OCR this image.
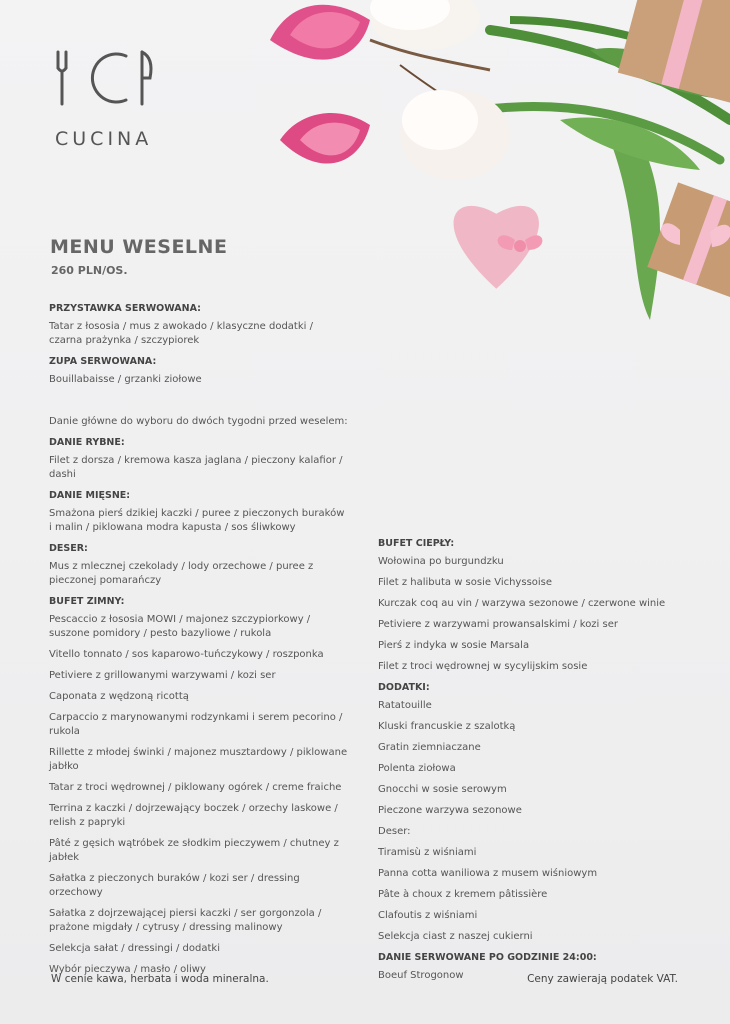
CUCINA
MENU WESELNE
260 PLN/OS.
PRZYSTAWKA SERWOWANA:
Tatar z łososia / mus z awokado / klasyczne dodatki / czarna prażynka / szczypiorek
ZUPA SERWOWANA:
Bouillabaisse / grzanki ziołowe
Danie główne do wyboru do dwóch tygodni przed weselem:
DANIE RYBNE:
Filet z dorsza / kremowa kasza jaglana / pieczony kalafior / dashi
DANIE MIĘSNE:
Smażona pierś dzikiej kaczki / puree z pieczonych buraków i malin / piklowana modra kapusta / sos śliwkowy
DESER:
Mus z mlecznej czekolady / lody orzechowe / puree z pieczonej pomarańczy
BUFET ZIMNY:
Pescaccio z łososia MOWI / majonez szczypiorkowy / suszone pomidory / pesto bazyliowe / rukola
Vitello tonnato / sos kaparowo-tuńczykowy / roszponka
Petiviere z grillowanymi warzywami / kozi ser
Caponata z wędzoną ricottą
Carpaccio z marynowanymi rodzynkami i serem pecorino / rukola
Rillette z młodej świnki / majonez musztardowy / piklowane jabłko
Tatar z troci wędrownej / piklowany ogórek / creme fraiche
Terrina z kaczki / dojrzewający boczek / orzechy laskowe / relish z papryki
Pâté z gęsich wątróbek ze słodkim pieczywem / chutney z jabłek
Sałatka z pieczonych buraków / kozi ser / dressing orzechowy
Sałatka z dojrzewającej piersi kaczki / ser gorgonzola / prażone migdały / cytrusy / dressing malinowy
Selekcja sałat / dressingi / dodatki
Wybór pieczywa / masło / oliwy
BUFET CIEPŁY:
Wołowina po burgundzku
Filet z halibuta w sosie Vichyssoise
Kurczak coq au vin / warzywa sezonowe / czerwone winie
Petiviere z warzywami prowansalskimi / kozi ser
Pierś z indyka w sosie Marsala
Filet z troci wędrownej w sycylijskim sosie
DODATKI:
Ratatouille
Kluski francuskie z szalotką
Gratin ziemniaczane
Polenta ziołowa
Gnocchi w sosie serowym
Pieczone warzywa sezonowe
Deser:
Tiramisù z wiśniami
Panna cotta waniliowa z musem wiśniowym
Pâte à choux z kremem pâtissière
Clafoutis z wiśniami
Selekcja ciast z naszej cukierni
DANIE SERWOWANE PO GODZINIE 24:00:
Boeuf Strogonow
W cenie kawa, herbata i woda mineralna.	Ceny zawierają podatek VAT.
